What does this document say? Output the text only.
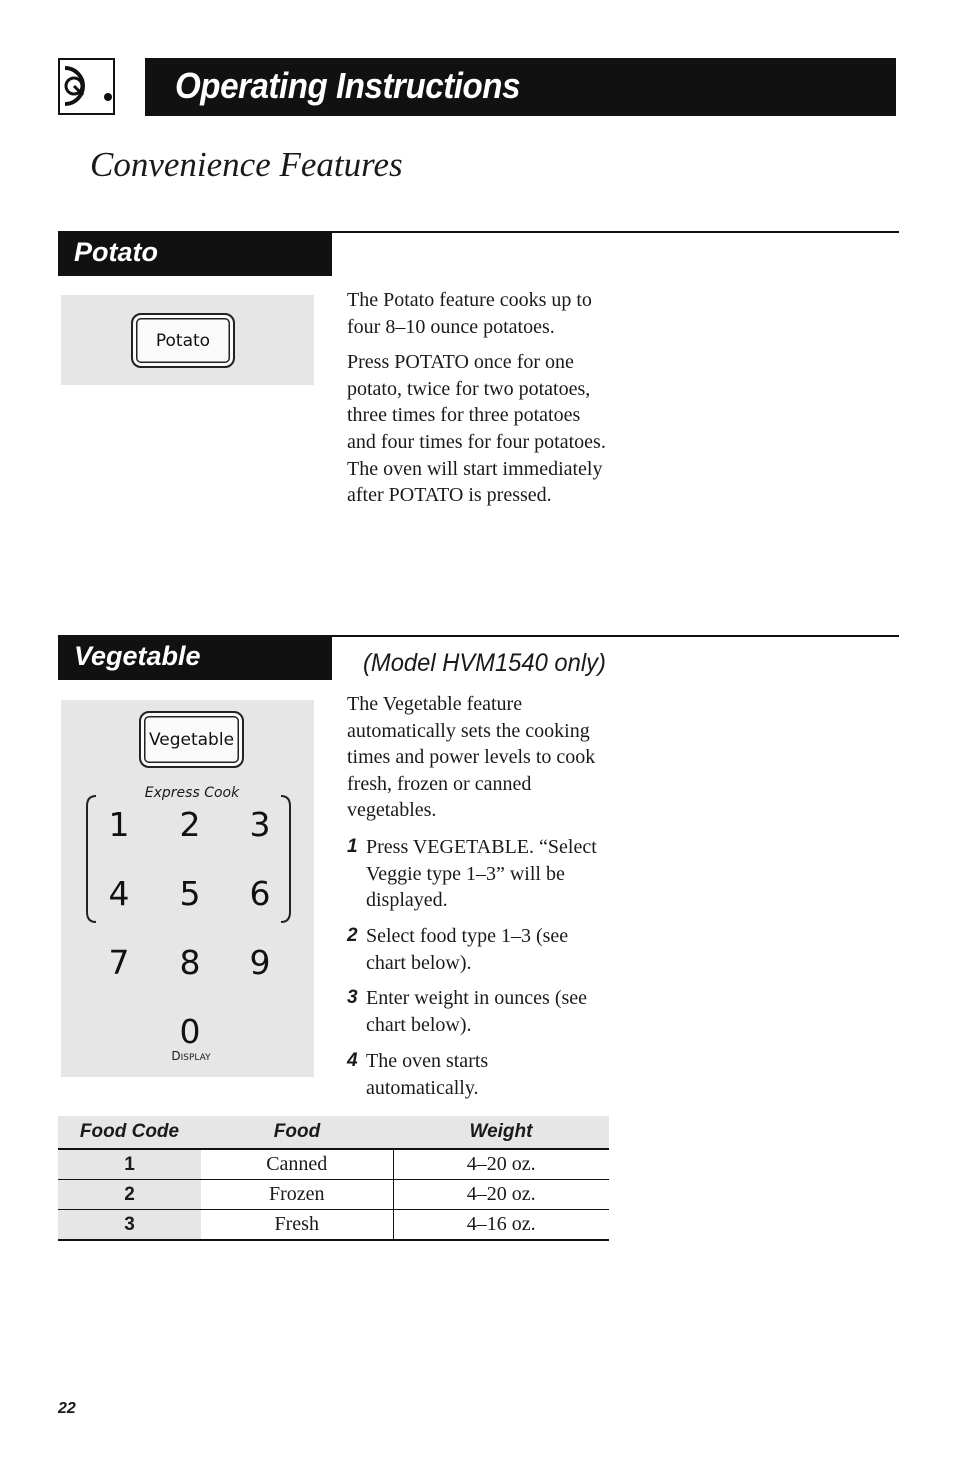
Operating Instructions
Convenience Features
Potato
Potato

The Potato feature cooks up to four 8–10 ounce potatoes.

Press POTATO once for one potato, twice for two potatoes, three times for three potatoes and four times for four potatoes. The oven will start immediately after POTATO is pressed.

Vegetable	(Model HVM1540 only)
Vegetable
Express Cook
1 2 3
4 5 6
7 8 9
0
DISPLAY
The Vegetable feature automatically sets the cooking times and power levels to cook fresh, frozen or canned vegetables.
1 Press VEGETABLE. “Select Veggie type 1–3” will be displayed.
2 Select food type 1–3 (see chart below).
3 Enter weight in ounces (see chart below).
4 The oven starts automatically.
Food Code	Food	Weight
1	Canned	4–20 oz.
2	Frozen	4–20 oz.
3	Fresh	4–16 oz.
22
